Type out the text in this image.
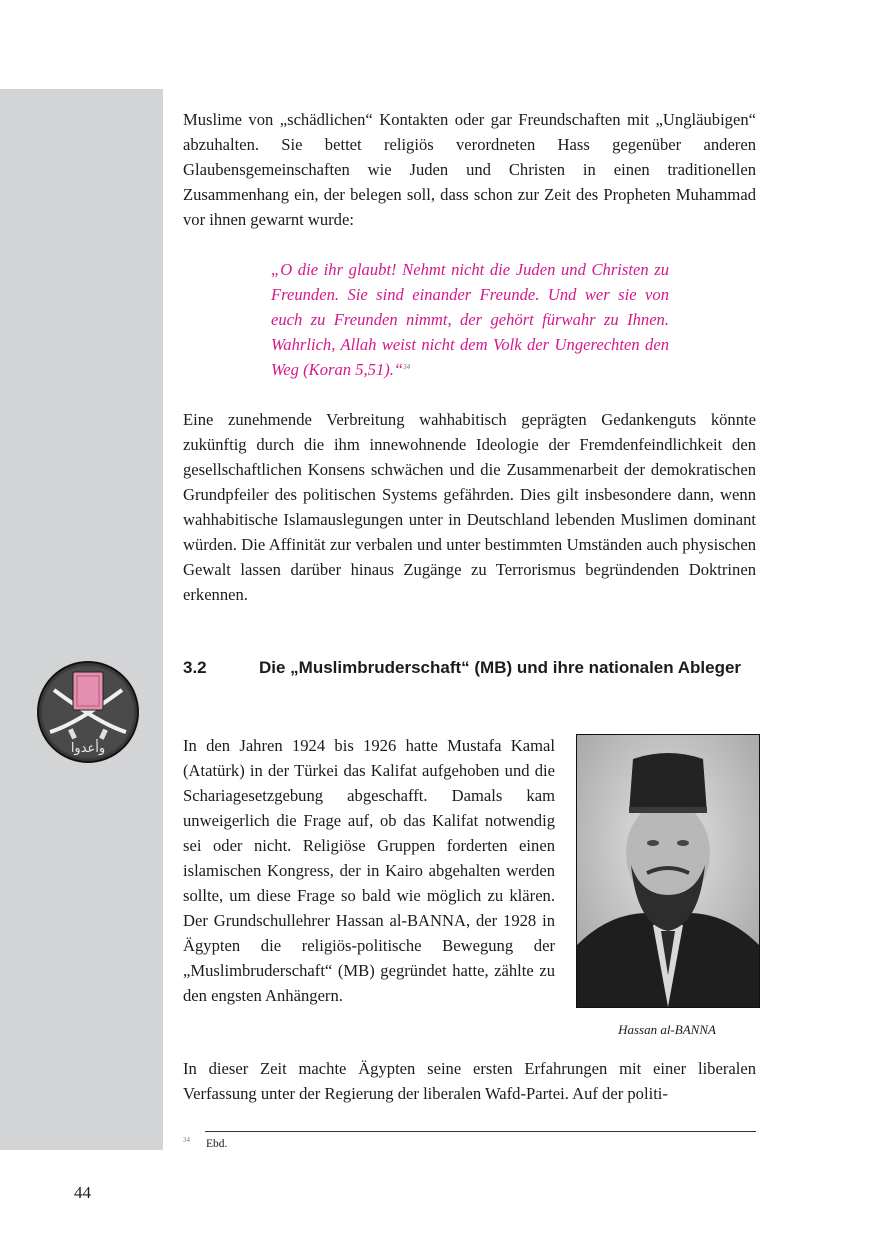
وأعدوا

Muslime von „schädlichen“ Kontakten oder gar Freundschaften mit „Ungläubigen“ abzuhalten. Sie bettet religiös verordneten Hass gegenüber anderen Glaubensgemeinschaften wie Juden und Christen in einen traditionellen Zusammenhang ein, der belegen soll, dass schon zur Zeit des Propheten Muhammad vor ihnen gewarnt wurde:

„O die ihr glaubt! Nehmt nicht die Juden und Christen zu Freunden. Sie sind einander Freunde. Und wer sie von euch zu Freunden nimmt, der gehört fürwahr zu Ihnen. Wahrlich, Allah weist nicht dem Volk der Ungerechten den Weg (Koran 5,51).“$^{34}$

Eine zunehmende Verbreitung wahhabitisch geprägten Gedankenguts könnte zukünftig durch die ihm innewohnende Ideologie der Fremdenfeindlichkeit den gesellschaftlichen Konsens schwächen und die Zusammenarbeit der demokratischen Grundpfeiler des politischen Systems gefährden. Dies gilt insbesondere dann, wenn wahhabitische Islamauslegungen unter in Deutschland lebenden Muslimen dominant würden. Die Affinität zur verbalen und unter bestimmten Umständen auch physischen Gewalt lassen darüber hinaus Zugänge zu Terrorismus begründenden Doktrinen erkennen.

3.2	Die „Muslimbruderschaft“ (MB) und ihre nationalen Ableger

In den Jahren 1924 bis 1926 hatte Mustafa Kamal (Atatürk) in der Türkei das Kalifat aufgehoben und die Schariagesetzgebung abgeschafft. Damals kam unweigerlich die Frage auf, ob das Kalifat notwendig sei oder nicht. Religiöse Gruppen forderten einen islamischen Kongress, der in Kairo abgehalten werden sollte, um diese Frage so bald wie möglich zu klären. Der Grundschullehrer Hassan al-BANNA, der 1928 in Ägypten die religiös-politische Bewegung der „Muslimbruderschaft“ (MB) gegründet hatte, zählte zu den engsten Anhängern.

Hassan al-BANNA

In dieser Zeit machte Ägypten seine ersten Erfahrungen mit einer liberalen Verfassung unter der Regierung der liberalen Wafd-Partei. Auf der politi-

$^{34}$ Ebd.
44
